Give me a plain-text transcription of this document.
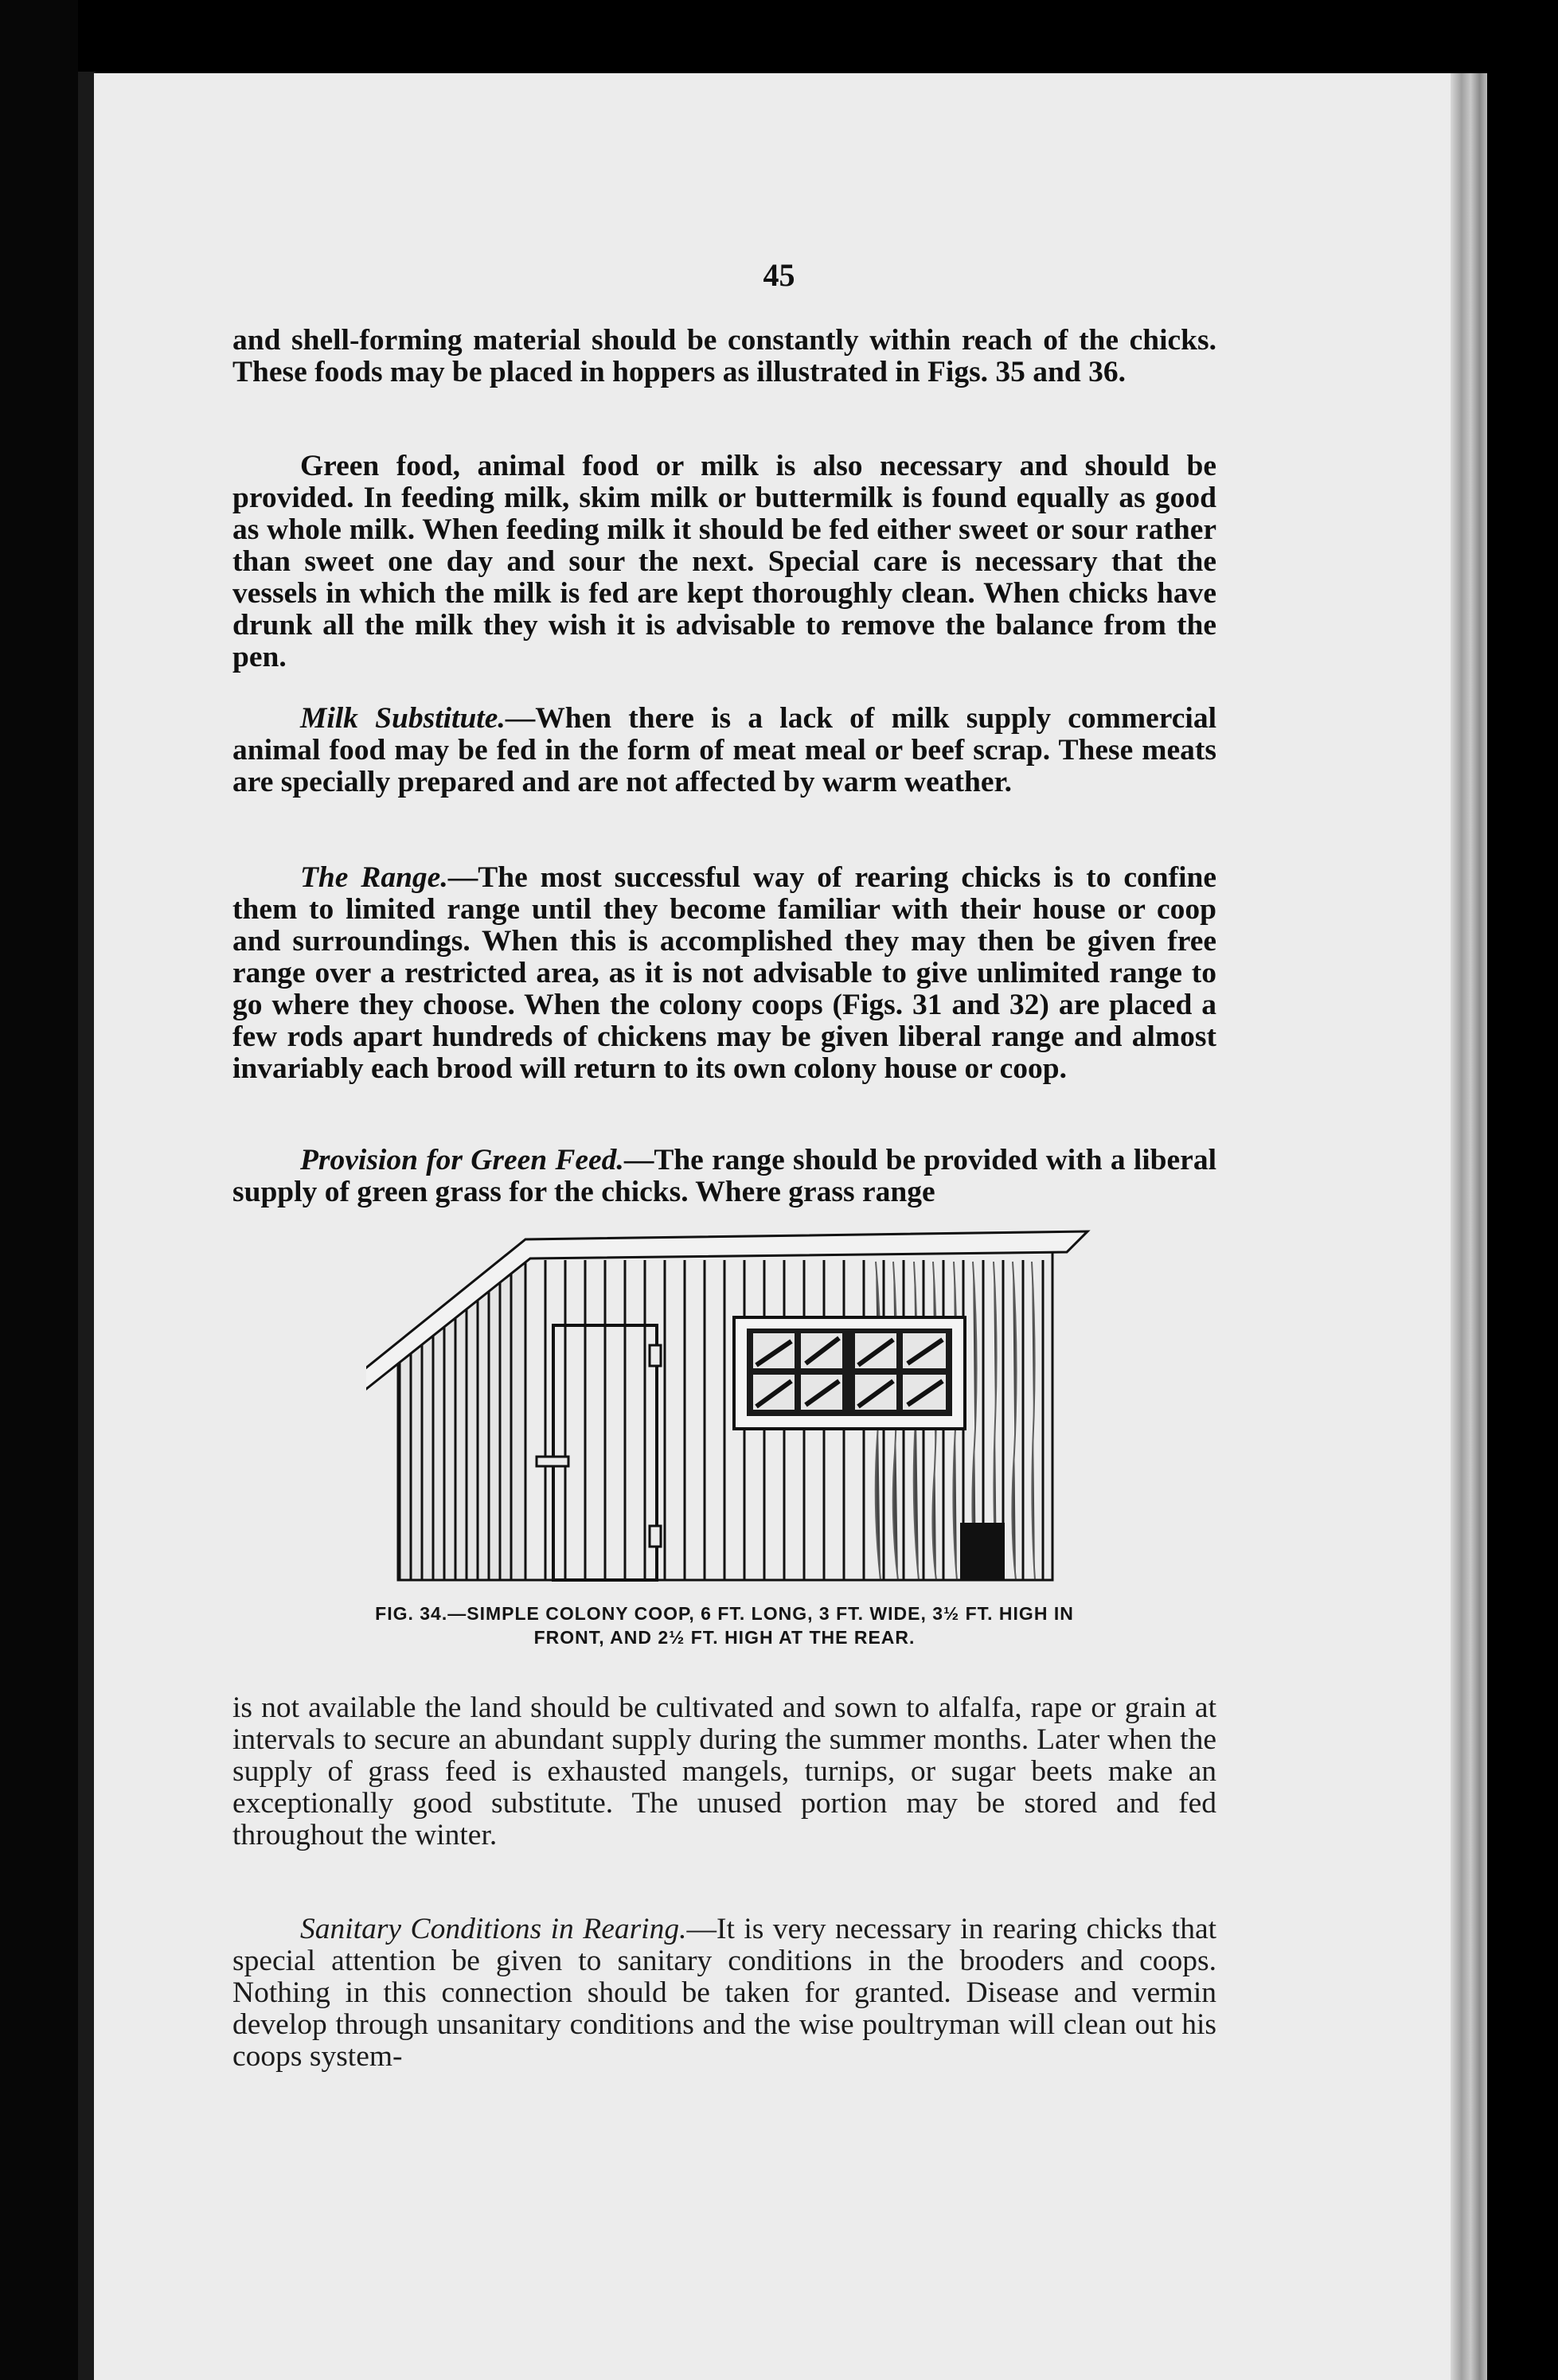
45

and shell-forming material should be constantly within reach of the chicks. These foods may be placed in hoppers as illustrated in Figs. 35 and 36.

Green food, animal food or milk is also necessary and should be provided. In feeding milk, skim milk or buttermilk is found equally as good as whole milk. When feeding milk it should be fed either sweet or sour rather than sweet one day and sour the next. Special care is necessary that the vessels in which the milk is fed are kept thoroughly clean. When chicks have drunk all the milk they wish it is advisable to remove the balance from the pen.

Milk Substitute.—When there is a lack of milk supply commercial animal food may be fed in the form of meat meal or beef scrap. These meats are specially prepared and are not affected by warm weather.

The Range.—The most successful way of rearing chicks is to confine them to limited range until they become familiar with their house or coop and surroundings. When this is accomplished they may then be given free range over a restricted area, as it is not advisable to give unlimited range to go where they choose. When the colony coops (Figs. 31 and 32) are placed a few rods apart hundreds of chickens may be given liberal range and almost invariably each brood will return to its own colony house or coop.

Provision for Green Feed.—The range should be provided with a liberal supply of green grass for the chicks. Where grass range

FIG. 34.—SIMPLE COLONY COOP, 6 FT. LONG, 3 FT. WIDE, 3½ FT. HIGH IN
FRONT, AND 2½ FT. HIGH AT THE REAR.

is not available the land should be cultivated and sown to alfalfa, rape or grain at intervals to secure an abundant supply during the summer months. Later when the supply of grass feed is exhausted mangels, turnips, or sugar beets make an exceptionally good substitute. The unused portion may be stored and fed throughout the winter.

Sanitary Conditions in Rearing.—It is very necessary in rearing chicks that special attention be given to sanitary conditions in the brooders and coops. Nothing in this connection should be taken for granted. Disease and vermin develop through unsanitary conditions and the wise poultryman will clean out his coops system-
